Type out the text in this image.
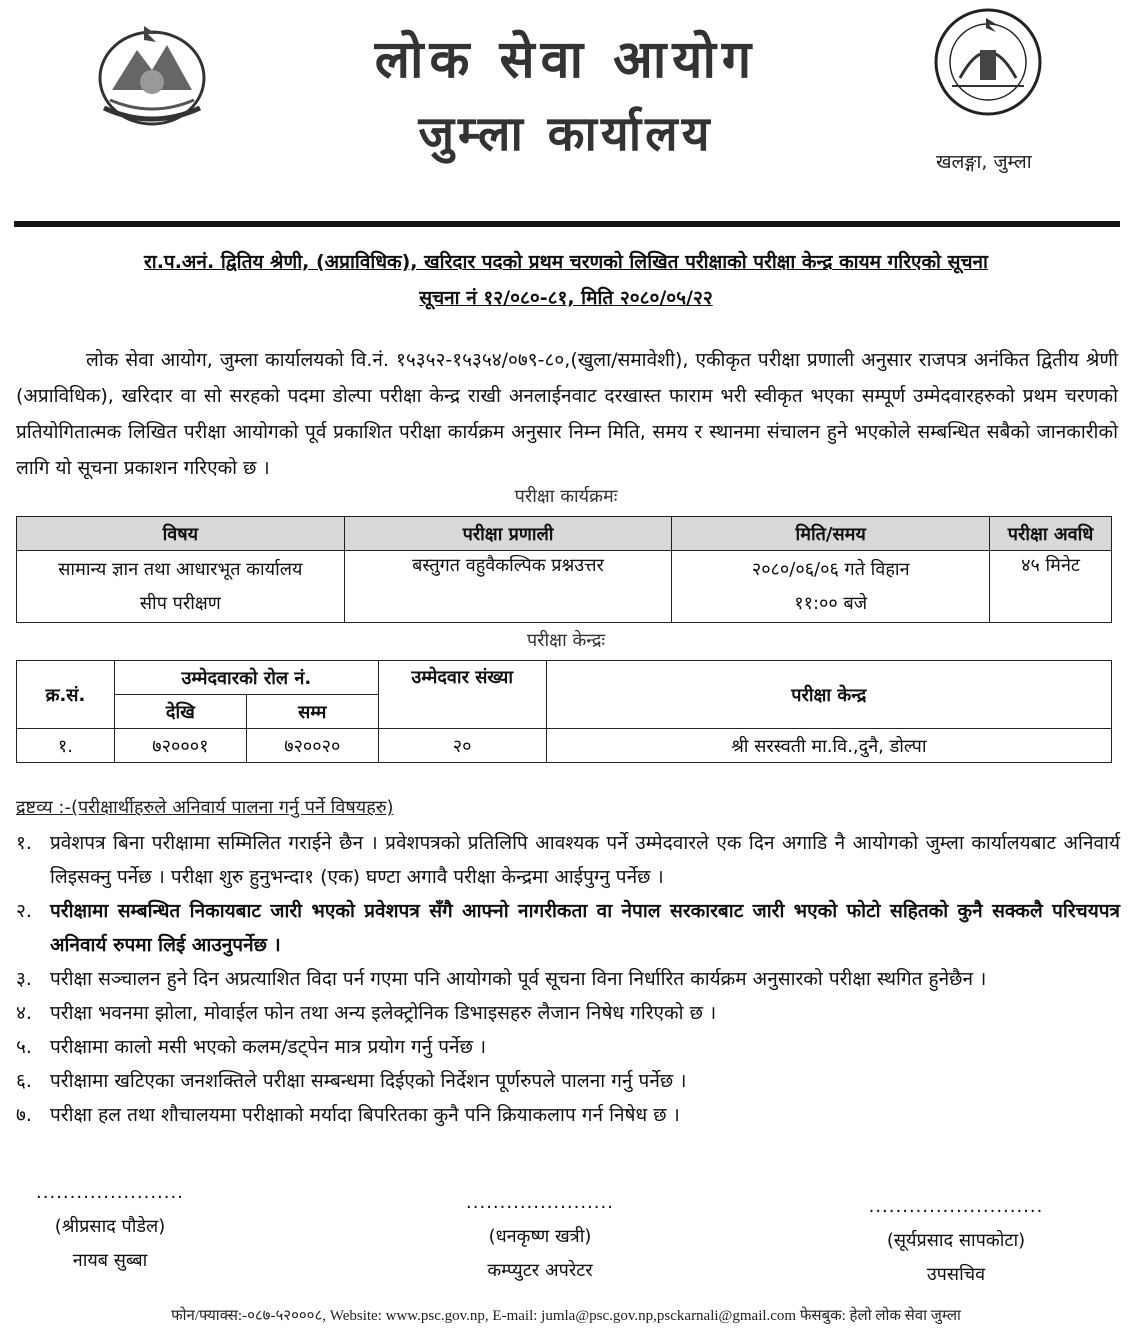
लोक सेवा आयोग
जुम्ला कार्यालय	खलङ्गा, जुम्ला
रा.प.अनं. द्वितिय श्रेणी, (अप्राविधिक), खरिदार पदको प्रथम चरणको लिखित परीक्षाको परीक्षा केन्द्र कायम गरिएको सूचना
सूचना नं १२/०८०-८१, मिति २०८०/०५/२२
लोक सेवा आयोग, जुम्ला कार्यालयको वि.नं. १५३५२-१५३५४/०७९-८०,(खुला/समावेशी), एकीकृत परीक्षा प्रणाली अनुसार राजपत्र अनंकित द्वितीय श्रेणी (अप्राविधिक), खरिदार वा सो सरहको पदमा डोल्पा परीक्षा केन्द्र राखी अनलाईनवाट दरखास्त फाराम भरी स्वीकृत भएका सम्पूर्ण उम्मेदवारहरुको प्रथम चरणको प्रतियोगितात्मक लिखित परीक्षा आयोगको पूर्व प्रकाशित परीक्षा कार्यक्रम अनुसार निम्न मिति, समय र स्थानमा संचालन हुने भएकोले सम्बन्धित सबैको जानकारीको लागि यो सूचना प्रकाशन गरिएको छ ।
परीक्षा कार्यक्रमः
विषय	परीक्षा प्रणाली	मिति/समय	परीक्षा अवधि
सामान्य ज्ञान तथा आधारभूत कार्यालय सीप परीक्षण	बस्तुगत वहुवैकल्पिक प्रश्नउत्तर	२०८०/०६/०६ गते विहान ११:०० बजे	४५ मिनेट
परीक्षा केन्द्रः
क्र.सं.	उम्मेदवारको रोल नं.		उम्मेदवार संख्या	परीक्षा केन्द्र
	देखि	सम्म		
१.	७२०००१	७२००२०	२०	श्री सरस्वती मा.वि.,दुनै, डोल्पा
द्रष्टव्य :-(परीक्षार्थीहरुले अनिवार्य पालना गर्नु पर्ने विषयहरु)
१. प्रवेशपत्र बिना परीक्षामा सम्मिलित गराईने छैन । प्रवेशपत्रको प्रतिलिपि आवश्यक पर्ने उम्मेदवारले एक दिन अगाडि नै आयोगको जुम्ला कार्यालयबाट अनिवार्य लिइसक्नु पर्नेछ । परीक्षा शुरु हुनुभन्दा१ (एक) घण्टा अगावै परीक्षा केन्द्रमा आईपुग्नु पर्नेछ ।
२. परीक्षामा सम्बन्धित निकायबाट जारी भएको प्रवेशपत्र सँगै आफ्नो नागरीकता वा नेपाल सरकारबाट जारी भएको फोटो सहितको कुनै सक्कलै परिचयपत्र अनिवार्य रुपमा लिई आउनुपर्नेछ ।
३. परीक्षा सञ्चालन हुने दिन अप्रत्याशित विदा पर्न गएमा पनि आयोगको पूर्व सूचना विना निर्धारित कार्यक्रम अनुसारको परीक्षा स्थगित हुनेछैन ।
४. परीक्षा भवनमा झोला, मोवाईल फोन तथा अन्य इलेक्ट्रोनिक डिभाइसहरु लैजान निषेध गरिएको छ ।
५. परीक्षामा कालो मसी भएको कलम/डट्पेन मात्र प्रयोग गर्नु पर्नेछ ।
६. परीक्षामा खटिएका जनशक्तिले परीक्षा सम्बन्धमा दिईएको निर्देशन पूर्णरुपले पालना गर्नु पर्नेछ ।
७. परीक्षा हल तथा शौचालयमा परीक्षाको मर्यादा बिपरितका कुनै पनि क्रियाकलाप गर्न निषेध छ ।
......................
(श्रीप्रसाद पौडेल)
नायब सुब्बा
......................
(धनकृष्ण खत्री)
कम्प्युटर अपरेटर
..........................
(सूर्यप्रसाद सापकोटा)
उपसचिव
फोन/फ्याक्स:-०८७-५२०००८, Website: www.psc.gov.np, E-mail: jumla@psc.gov.np,psckarnali@gmail.com फेसबुक: हेलो लोक सेवा जुम्ला
